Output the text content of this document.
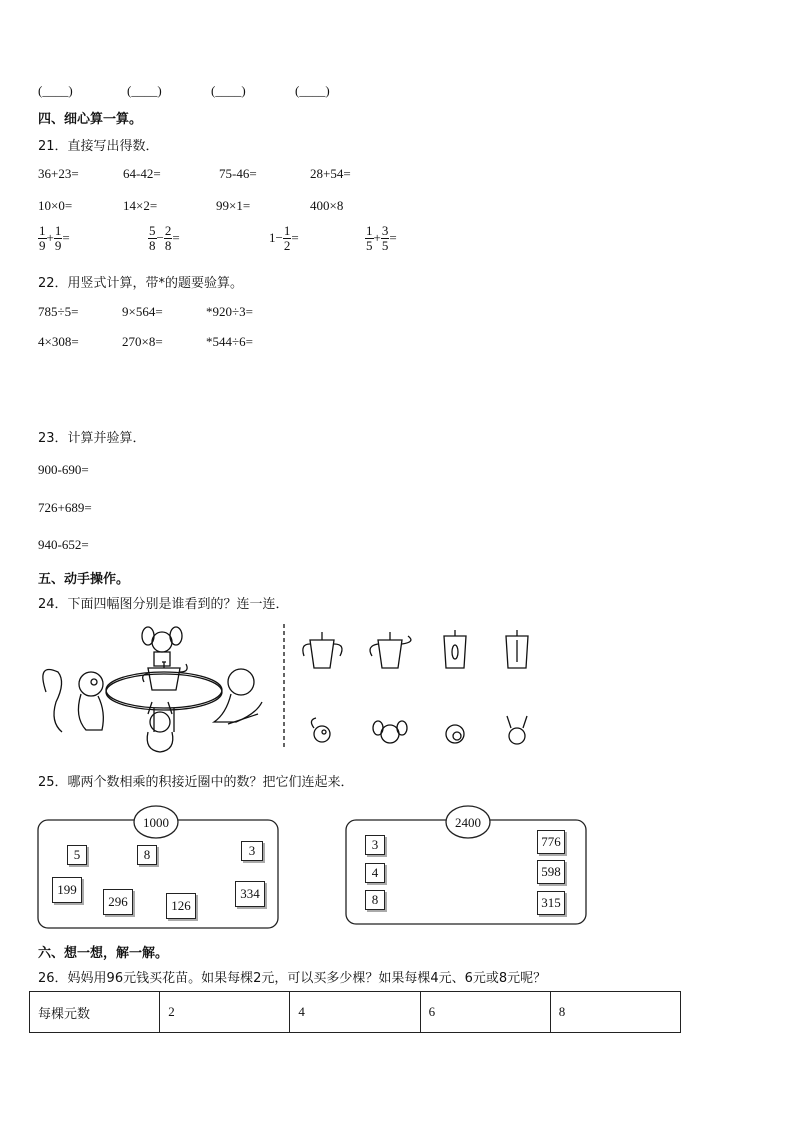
(____)	(____)	(____)	(____)
四、细心算一算。
21．直接写出得数．
36+23=	64-42=	75-46=	28+54=
10×0=	14×2=	99×1=	400×8
$\frac{1}{9} + \frac{1}{9}$ =	$\frac{5}{8} - \frac{2}{8}$ =	$1- \frac{1}{2}$ =	$\frac{1}{5} + \frac{3}{5}$ =
22．用竖式计算，带*的题要验算。
785÷5=	9×564=	*920÷3=
4×308=	270×8=	*544÷6=
23．计算并验算．
900-690=
726+689=
940-652=
五、动手操作。
24．下面四幅图分别是谁看到的？连一连．
25．哪两个数相乘的积接近圈中的数？把它们连起来．
1000
5	8	3
199
296	126
334
2400
3
4
8
776
598
315
六、想一想，解一解。
26．妈妈用96元钱买花苗。如果每棵2元，可以买多少棵？如果每棵4元、6元或8元呢？
每棵元数	2	4	6	8
